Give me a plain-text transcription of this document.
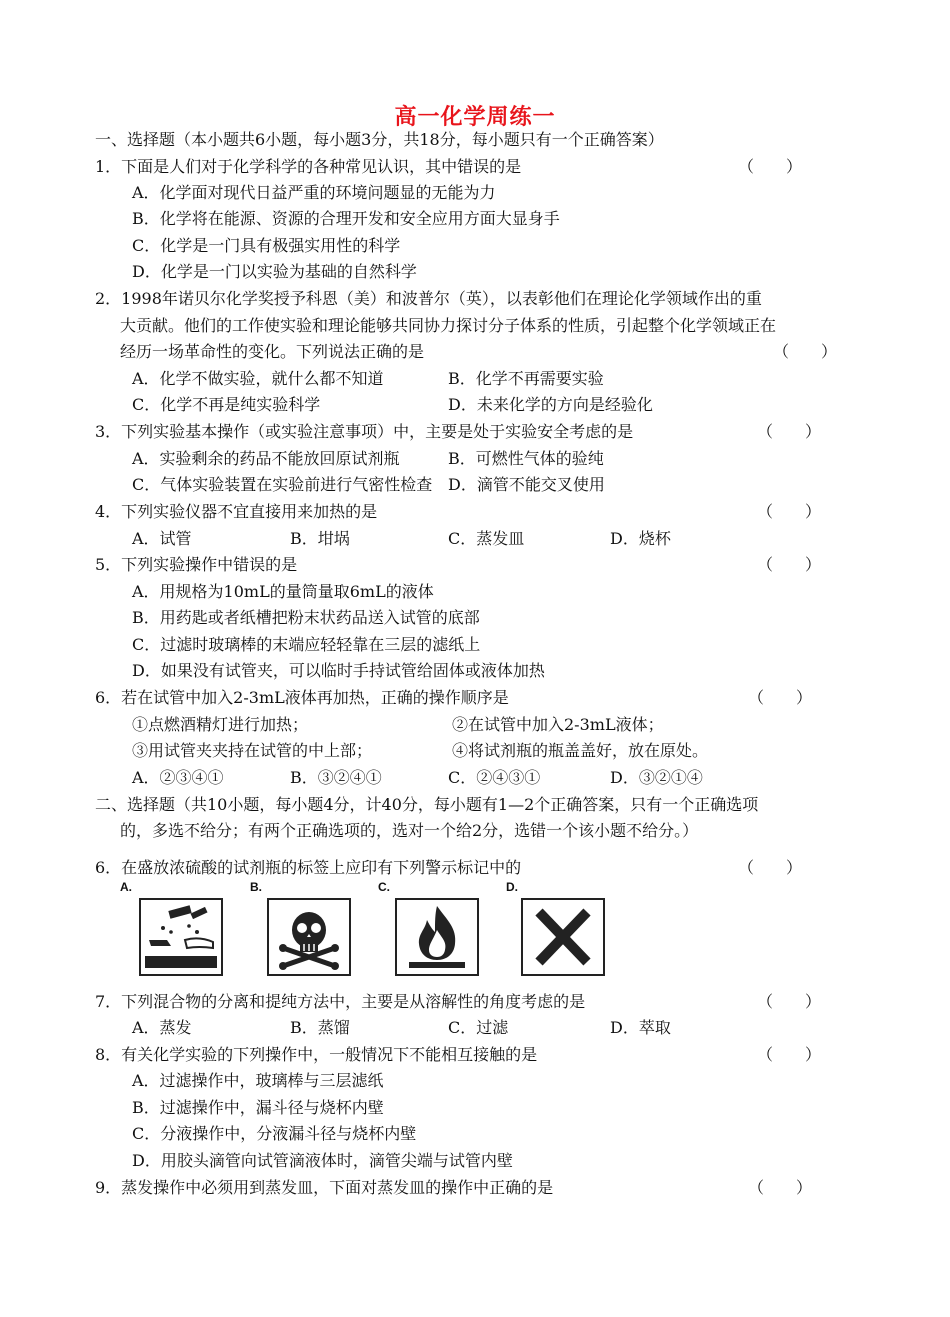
高一化学周练一
一、选择题（本小题共6小题，每小题3分，共18分，每小题只有一个正确答案）
1．下面是人们对于化学科学的各种常见认识，其中错误的是	（　　）
A．化学面对现代日益严重的环境问题显的无能为力
B．化学将在能源、资源的合理开发和安全应用方面大显身手
C．化学是一门具有极强实用性的科学
D．化学是一门以实验为基础的自然科学
2．1998年诺贝尔化学奖授予科恩（美）和波普尔（英），以表彰他们在理论化学领域作出的重
大贡献。他们的工作使实验和理论能够共同协力探讨分子体系的性质，引起整个化学领域正在
经历一场革命性的变化。下列说法正确的是	（　　）
A．化学不做实验，就什么都不知道	B．化学不再需要实验
C．化学不再是纯实验科学	D．未来化学的方向是经验化
3．下列实验基本操作（或实验注意事项）中，主要是处于实验安全考虑的是	（　　）
A．实验剩余的药品不能放回原试剂瓶	B．可燃性气体的验纯
C．气体实验装置在实验前进行气密性检查 D．滴管不能交叉使用
4．下列实验仪器不宜直接用来加热的是	（　　）
A．试管	B．坩埚	C．蒸发皿	D．烧杯
5．下列实验操作中错误的是	（　　）
A．用规格为10mL的量筒量取6mL的液体
B．用药匙或者纸槽把粉末状药品送入试管的底部
C．过滤时玻璃棒的末端应轻轻靠在三层的滤纸上
D．如果没有试管夹，可以临时手持试管给固体或液体加热
6．若在试管中加入2-3mL液体再加热，正确的操作顺序是	（　　）
①点燃酒精灯进行加热；	②在试管中加入2-3mL液体；
③用试管夹夹持在试管的中上部；	④将试剂瓶的瓶盖盖好，放在原处。
A．②③④①	B．③②④①	C．②④③①	D．③②①④
二、选择题（共10小题，每小题4分，计40分，每小题有1—2个正确答案，只有一个正确选项
的，多选不给分；有两个正确选项的，选对一个给2分，选错一个该小题不给分。）
6．在盛放浓硫酸的试剂瓶的标签上应印有下列警示标记中的	（　　）
A.	B.	C.	D.
7．下列混合物的分离和提纯方法中，主要是从溶解性的角度考虑的是	（　　）
A．蒸发	B．蒸馏	C．过滤	D．萃取
8．有关化学实验的下列操作中，一般情况下不能相互接触的是	（　　）
A．过滤操作中，玻璃棒与三层滤纸
B．过滤操作中，漏斗径与烧杯内壁
C．分液操作中，分液漏斗径与烧杯内壁
D．用胶头滴管向试管滴液体时，滴管尖端与试管内壁
9．蒸发操作中必须用到蒸发皿，下面对蒸发皿的操作中正确的是	（　　）
